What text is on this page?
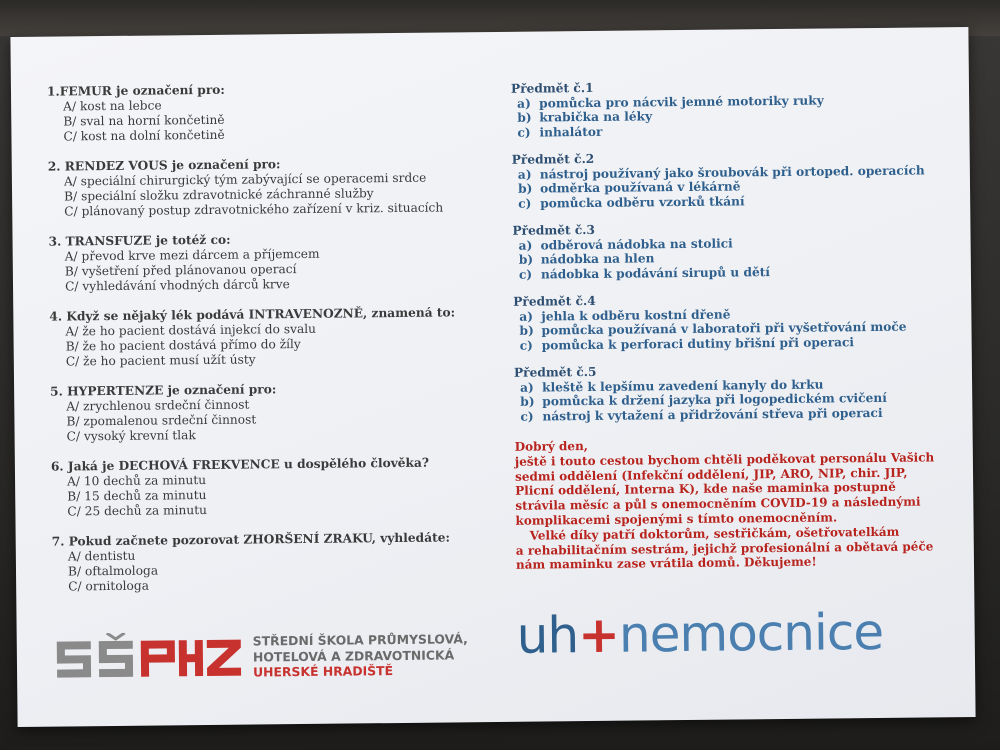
1.FEMUR je označení pro:
A/ kost na lebce
B/ sval na horní končetině
C/ kost na dolní končetině
2. RENDEZ VOUS je označení pro:
A/ speciální chirurgický tým zabývající se operacemi srdce
B/ speciální složku zdravotnické záchranné služby
C/ plánovaný postup zdravotnického zařízení v kriz. situacích
3. TRANSFUZE je totéž co:
A/ převod krve mezi dárcem a příjemcem
B/ vyšetření před plánovanou operací
C/ vyhledávání vhodných dárců krve
4. Když se nějaký lék podává INTRAVENOZNĚ, znamená to:
A/ že ho pacient dostává injekcí do svalu
B/ že ho pacient dostává přímo do žíly
C/ že ho pacient musí užít ústy
5. HYPERTENZE je označení pro:
A/ zrychlenou srdeční činnost
B/ zpomalenou srdeční činnost
C/ vysoký krevní tlak
6. Jaká je DECHOVÁ FREKVENCE u dospělého člověka?
A/ 10 dechů za minutu
B/ 15 dechů za minutu
C/ 25 dechů za minutu
7. Pokud začnete pozorovat ZHORŠENÍ ZRAKU, vyhledáte:
A/ dentistu
B/ oftalmologa
C/ ornitologa
Předmět č.1
a) pomůcka pro nácvik jemné motoriky ruky
b) krabička na léky
c) inhalátor
Předmět č.2
a) nástroj používaný jako šroubovák při ortoped. operacích
b) odměrka používaná v lékárně
c) pomůcka odběru vzorků tkání
Předmět č.3
a) odběrová nádobka na stolici
b) nádobka na hlen
c) nádobka k podávání sirupů u dětí
Předmět č.4
a) jehla k odběru kostní dřeně
b) pomůcka používaná v laboratoři při vyšetřování moče
c) pomůcka k perforaci dutiny břišní při operaci
Předmět č.5
a) kleště k lepšímu zavedení kanyly do krku
b) pomůcka k držení jazyka při logopedickém cvičení
c) nástroj k vytažení a přidržování střeva při operaci
Dobrý den,
ještě i touto cestou bychom chtěli poděkovat personálu Vašich
sedmi oddělení (Infekční oddělení, JIP, ARO, NIP, chir. JIP,
Plicní oddělení, Interna K), kde naše maminka postupně
strávila měsíc a půl s onemocněním COVID-19 a následnými
komplikacemi spojenými s tímto onemocněním.
Velké díky patří doktorům, sestřičkám, ošetřovatelkám
a rehabilitačním sestrám, jejichž profesionální a obětavá péče
nám maminku zase vrátila domů. Děkujeme!
STŘEDNÍ ŠKOLA PRŮMYSLOVÁ,
HOTELOVÁ A ZDRAVOTNICKÁ
UHERSKÉ HRADIŠTĚ
uh+nemocnice
